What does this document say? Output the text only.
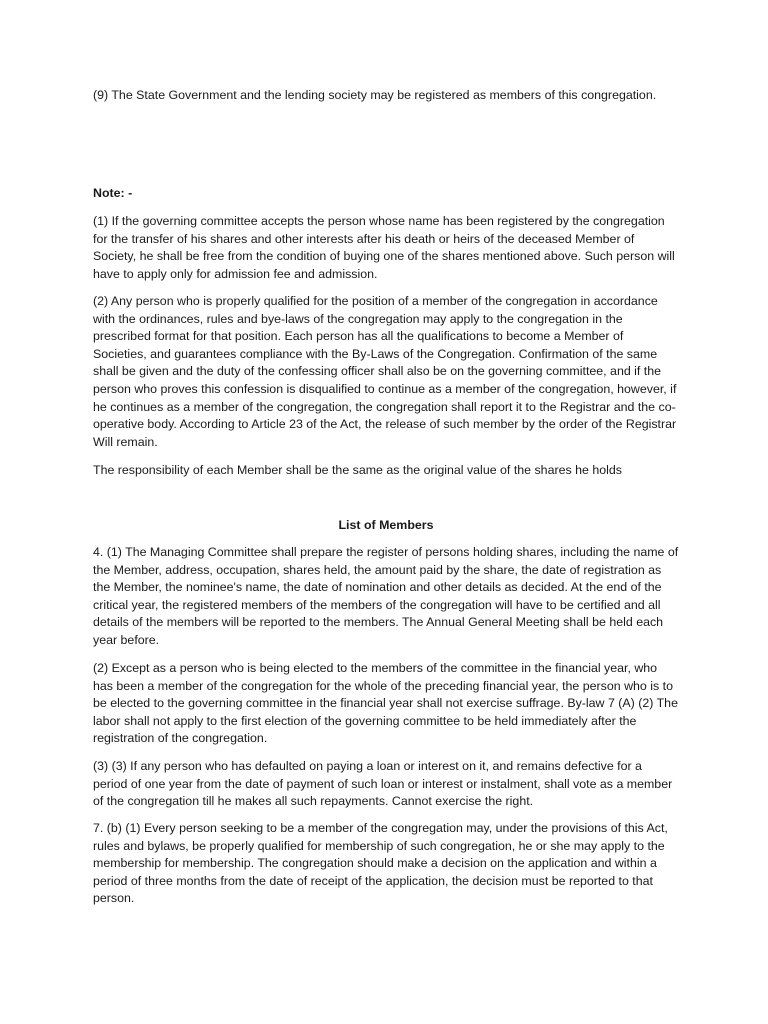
(9) The State Government and the lending society may be registered as members of this congregation.

Note: -

(1) If the governing committee accepts the person whose name has been registered by the congregation for the transfer of his shares and other interests after his death or heirs of the deceased Member of Society, he shall be free from the condition of buying one of the shares mentioned above. Such person will have to apply only for admission fee and admission.

(2) Any person who is properly qualified for the position of a member of the congregation in accordance with the ordinances, rules and bye-laws of the congregation may apply to the congregation in the prescribed format for that position. Each person has all the qualifications to become a Member of Societies, and guarantees compliance with the By-Laws of the Congregation. Confirmation of the same shall be given and the duty of the confessing officer shall also be on the governing committee, and if the person who proves this confession is disqualified to continue as a member of the congregation, however, if he continues as a member of the congregation, the congregation shall report it to the Registrar and the co-operative body. According to Article 23 of the Act, the release of such member by the order of the Registrar Will remain.

The responsibility of each Member shall be the same as the original value of the shares he holds

List of Members

4. (1) The Managing Committee shall prepare the register of persons holding shares, including the name of the Member, address, occupation, shares held, the amount paid by the share, the date of registration as the Member, the nominee's name, the date of nomination and other details as decided. At the end of the critical year, the registered members of the members of the congregation will have to be certified and all details of the members will be reported to the members. The Annual General Meeting shall be held each year before.

(2) Except as a person who is being elected to the members of the committee in the financial year, who has been a member of the congregation for the whole of the preceding financial year, the person who is to be elected to the governing committee in the financial year shall not exercise suffrage. By-law 7 (A) (2) The labor shall not apply to the first election of the governing committee to be held immediately after the registration of the congregation.

(3) (3) If any person who has defaulted on paying a loan or interest on it, and remains defective for a period of one year from the date of payment of such loan or interest or instalment, shall vote as a member of the congregation till he makes all such repayments. Cannot exercise the right.

7. (b) (1) Every person seeking to be a member of the congregation may, under the provisions of this Act, rules and bylaws, be properly qualified for membership of such congregation, he or she may apply to the membership for membership. The congregation should make a decision on the application and within a period of three months from the date of receipt of the application, the decision must be reported to that person.
